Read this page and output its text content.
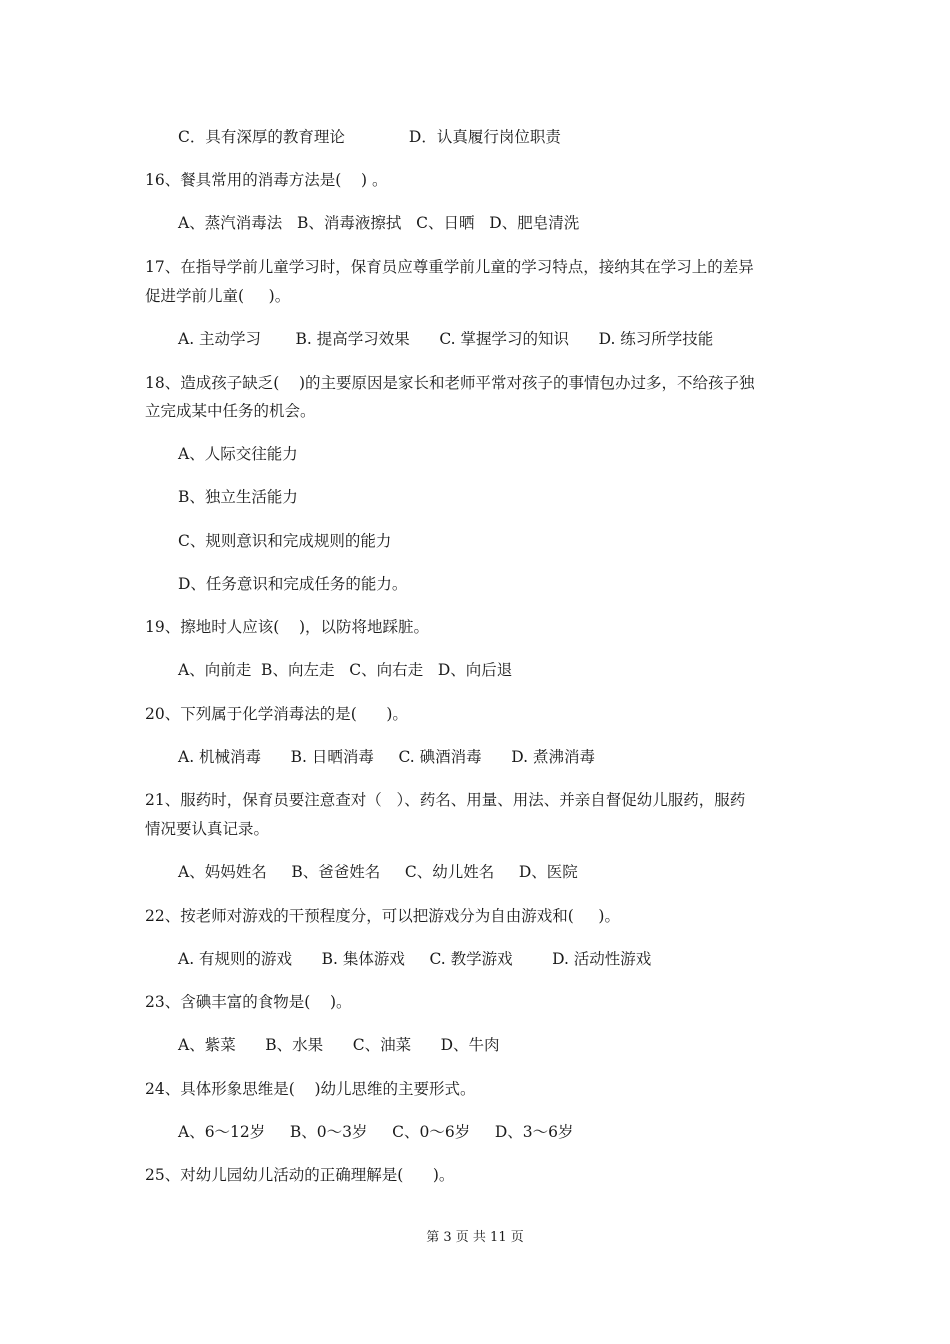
C．具有深厚的教育理论             D．认真履行岗位职责
16、餐具常用的消毒方法是(    ) 。
A、蒸汽消毒法   B、消毒液擦拭   C、日晒   D、肥皂清洗
17、在指导学前儿童学习时，保育员应尊重学前儿童的学习特点，接纳其在学习上的差异
促进学前儿童(     )。
A. 主动学习       B. 提高学习效果      C. 掌握学习的知识      D. 练习所学技能
18、造成孩子缺乏(    )的主要原因是家长和老师平常对孩子的事情包办过多，不给孩子独
立完成某中任务的机会。
A、人际交往能力
B、独立生活能力
C、规则意识和完成规则的能力
D、任务意识和完成任务的能力。
19、擦地时人应该(    )，以防将地踩脏。
A、向前走  B、向左走   C、向右走   D、向后退
20、下列属于化学消毒法的是(      )。
A. 机械消毒      B. 日晒消毒     C. 碘酒消毒      D. 煮沸消毒
21、服药时，保育员要注意查对（   ）、药名、用量、用法、并亲自督促幼儿服药，服药
情况要认真记录。
A、妈妈姓名     B、爸爸姓名     C、幼儿姓名     D、医院
22、按老师对游戏的干预程度分，可以把游戏分为自由游戏和(     )。
A. 有规则的游戏      B. 集体游戏     C. 教学游戏        D. 活动性游戏
23、含碘丰富的食物是(    )。
A、紫菜      B、水果      C、油菜      D、牛肉
24、具体形象思维是(    )幼儿思维的主要形式。
A、6～12岁     B、0～3岁     C、0～6岁     D、3～6岁
25、对幼儿园幼儿活动的正确理解是(      )。
第 3 页 共 11 页
